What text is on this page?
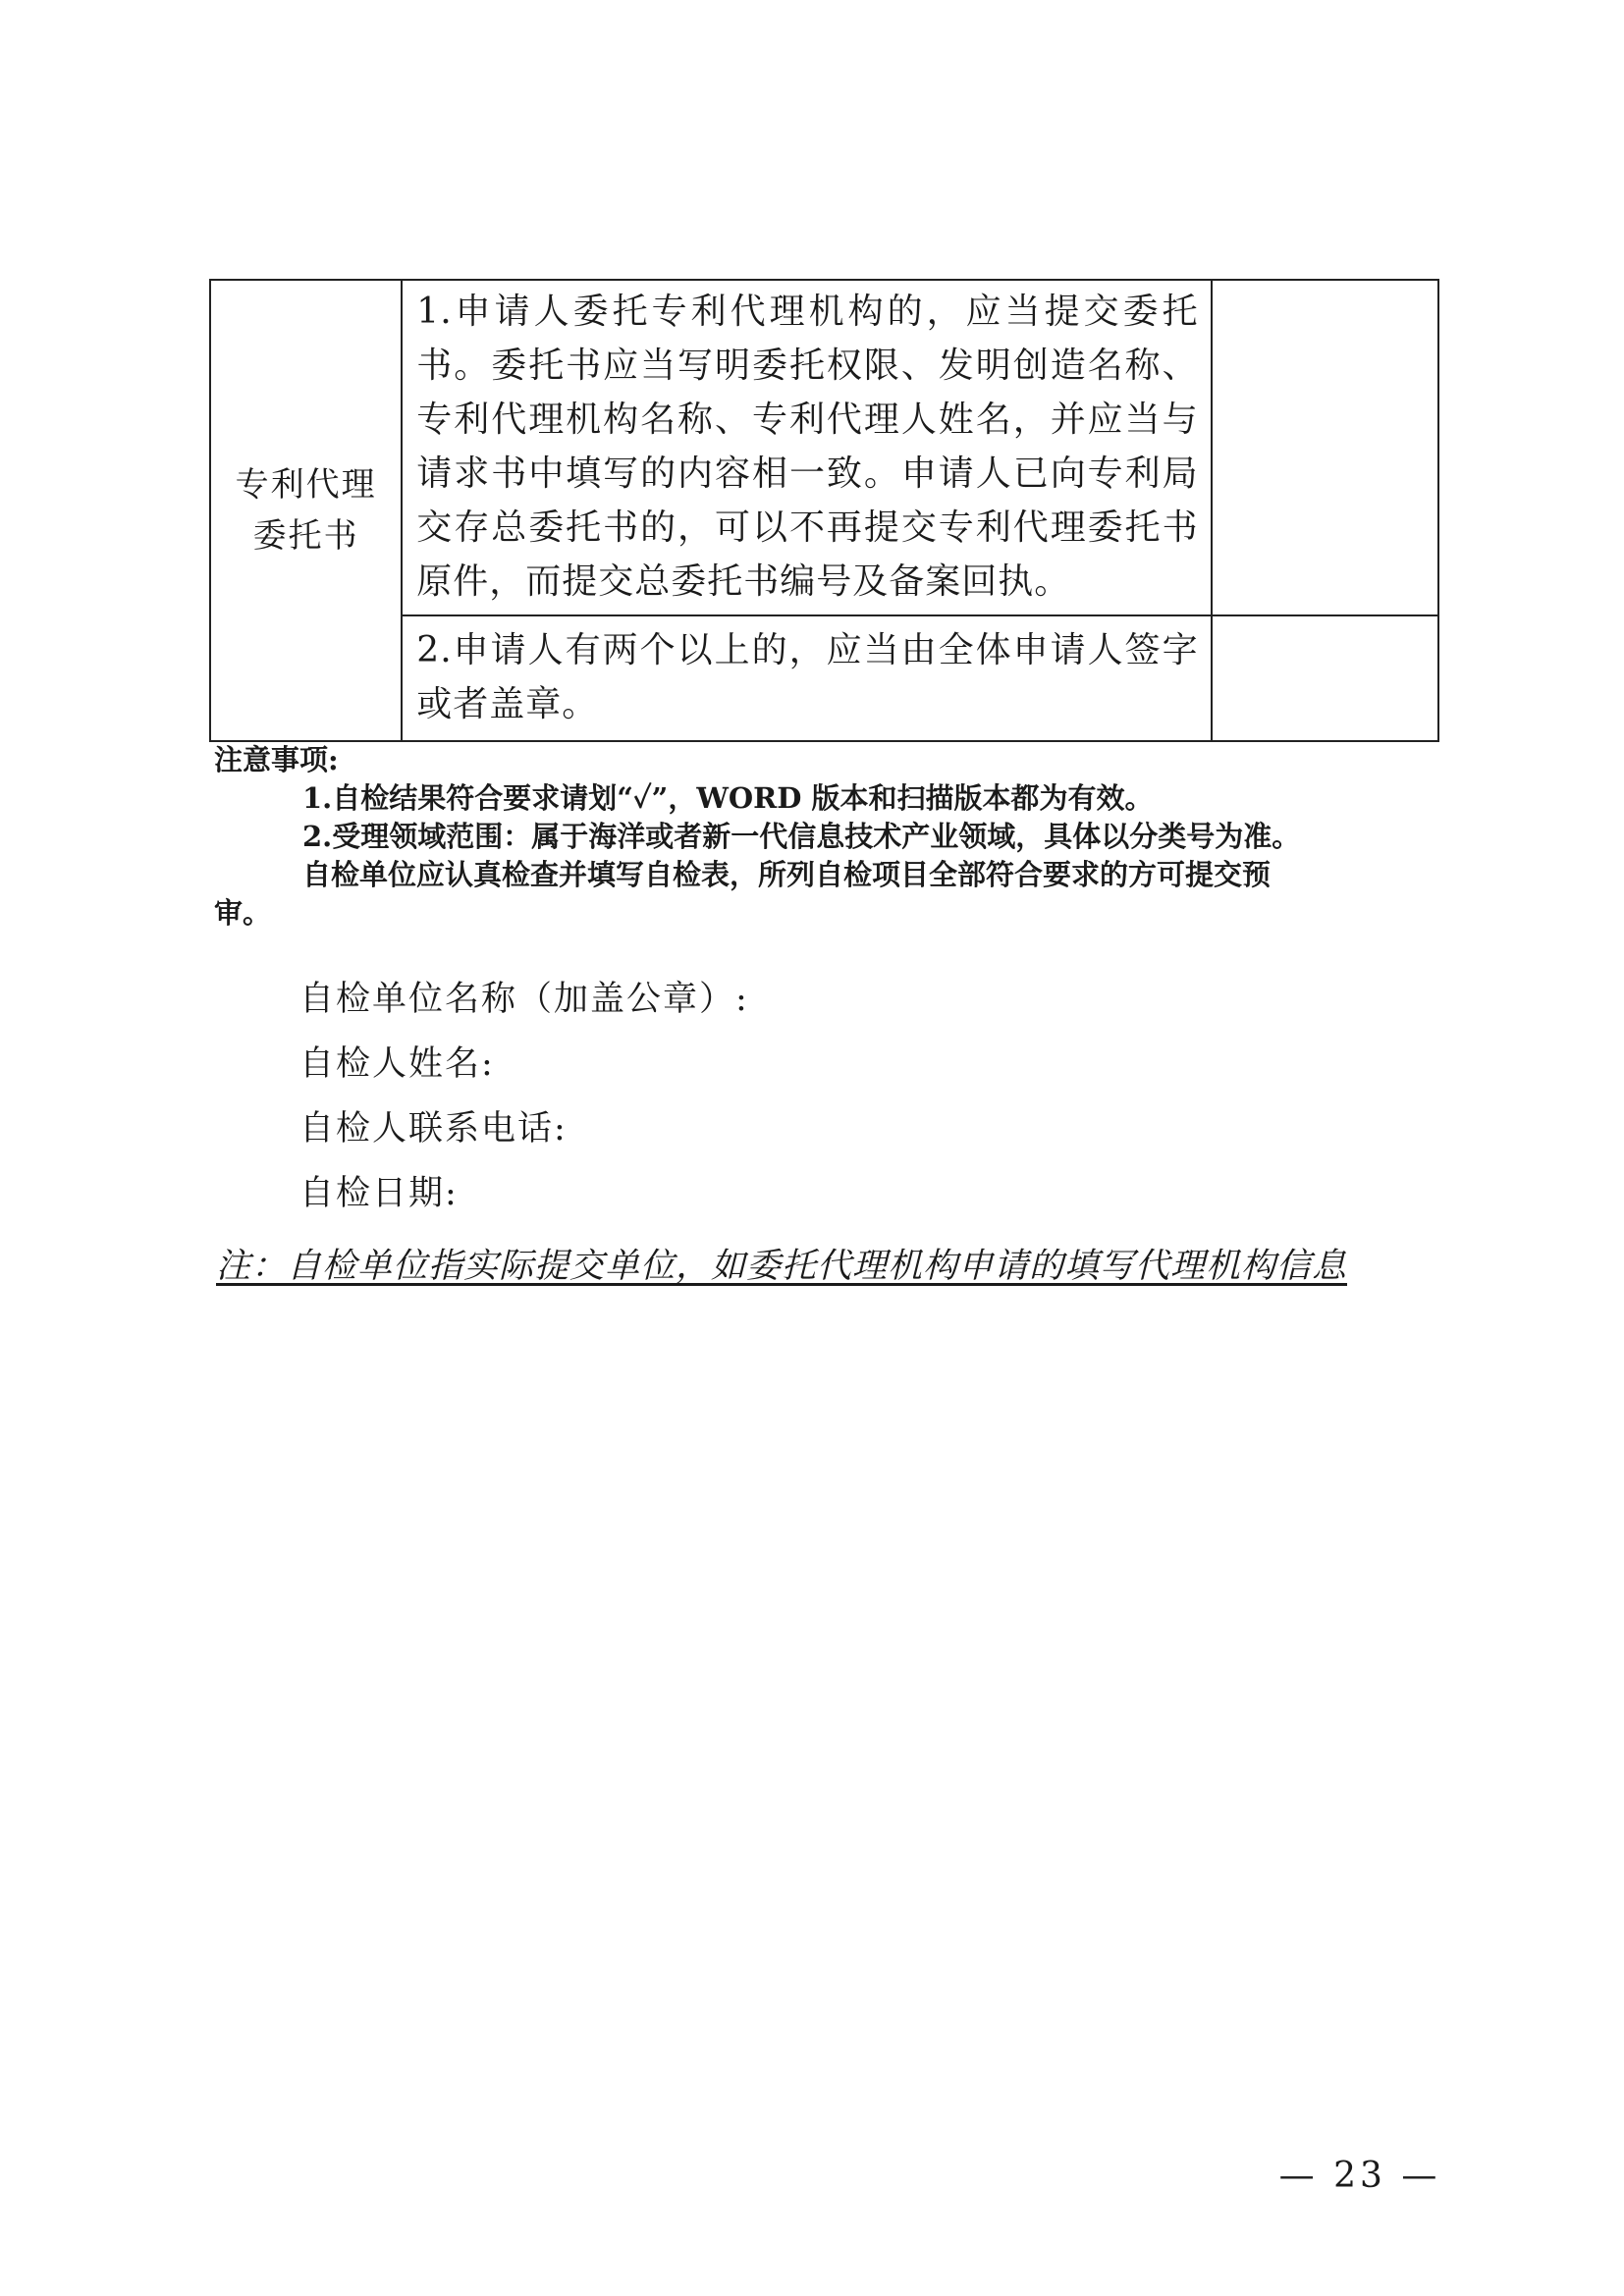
专利代理
委托书	1.申请人委托专利代理机构的，应当提交委托书。委托书应当写明委托权限、发明创造名称、专利代理机构名称、专利代理人姓名，并应当与请求书中填写的内容相一致。申请人已向专利局交存总委托书的，可以不再提交专利代理委托书原件，而提交总委托书编号及备案回执。	
	2.申请人有两个以上的，应当由全体申请人签字或者盖章。	
注意事项:
1.自检结果符合要求请划“✓”，WORD 版本和扫描版本都为有效。
2.受理领域范围：属于海洋或者新一代信息技术产业领域，具体以分类号为准。
自检单位应认真检查并填写自检表，所列自检项目全部符合要求的方可提交预
审。
自检单位名称（加盖公章）:
自检人姓名:
自检人联系电话:
自检日期:
注：自检单位指实际提交单位，如委托代理机构申请的填写代理机构信息
— 23 —
